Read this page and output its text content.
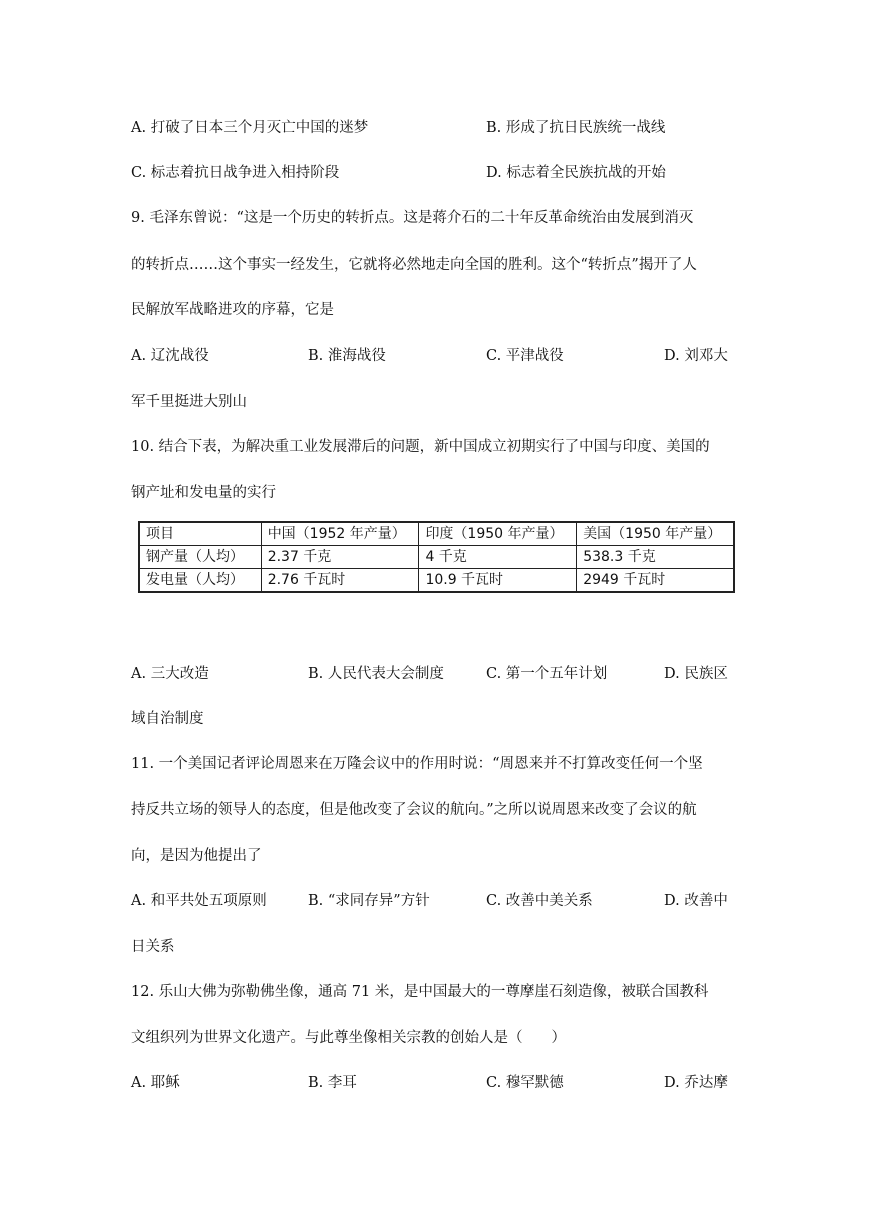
A. 打破了日本三个月灭亡中国的迷梦	B. 形成了抗日民族统一战线
C. 标志着抗日战争进入相持阶段	D. 标志着全民族抗战的开始
9. 毛泽东曾说：“这是一个历史的转折点。这是蒋介石的二十年反革命统治由发展到消灭
的转折点……这个事实一经发生，它就将必然地走向全国的胜利。这个“转折点”揭开了人
民解放军战略进攻的序幕，它是
A. 辽沈战役	B. 淮海战役	C. 平津战役	D. 刘邓大
军千里挺进大别山
10. 结合下表，为解决重工业发展滞后的问题，新中国成立初期实行了中国与印度、美国的
钢产址和发电量的实行
项目	中国（1952 年产量）	印度（1950 年产量）	美国（1950 年产量）
钢产量（人均）	2.37 千克	4 千克	538.3 千克
发电量（人均）	2.76 千瓦时	10.9 千瓦时	2949 千瓦时
A. 三大改造	B. 人民代表大会制度	C. 第一个五年计划	D. 民族区
域自治制度
11. 一个美国记者评论周恩来在万隆会议中的作用时说：“周恩来并不打算改变任何一个坚
持反共立场的领导人的态度，但是他改变了会议的航向。”之所以说周恩来改变了会议的航
向，是因为他提出了
A. 和平共处五项原则	B. “求同存异”方针	C. 改善中美关系	D. 改善中
日关系
12. 乐山大佛为弥勒佛坐像，通高 71 米，是中国最大的一尊摩崖石刻造像，被联合国教科
文组织列为世界文化遗产。与此尊坐像相关宗教的创始人是（　　）
A. 耶稣	B. 李耳	C. 穆罕默德	D. 乔达摩
